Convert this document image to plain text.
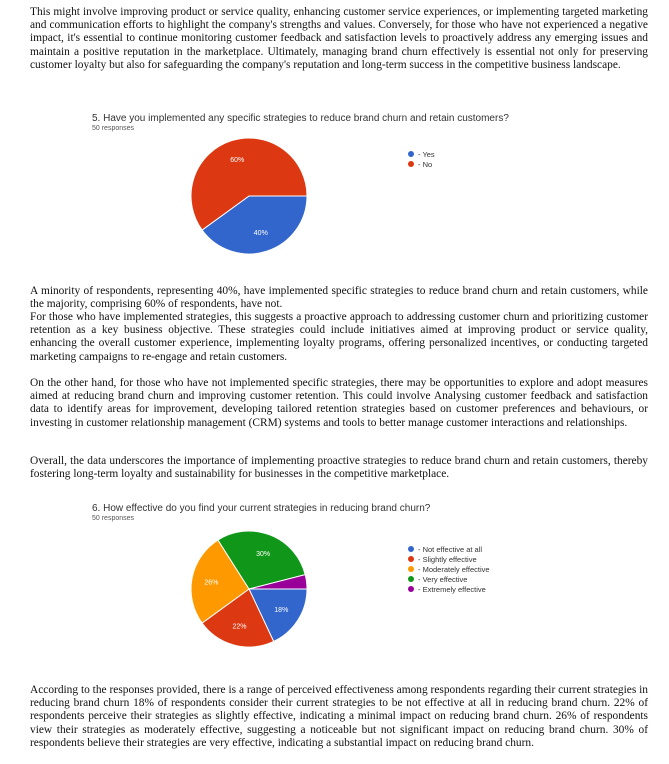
This might involve improving product or service quality, enhancing customer service experiences, or implementing targeted marketing and communication efforts to highlight the company's strengths and values. Conversely, for those who have not experienced a negative impact, it's essential to continue monitoring customer feedback and satisfaction levels to proactively address any emerging issues and maintain a positive reputation in the marketplace. Ultimately, managing brand churn effectively is essential not only for preserving customer loyalty but also for safeguarding the company's reputation and long-term success in the competitive business landscape.

5. Have you implemented any specific strategies to reduce brand churn and retain customers?
50 responses
40%
60%
- Yes
- No

A minority of respondents, representing 40%, have implemented specific strategies to reduce brand churn and retain customers, while the majority, comprising 60% of respondents, have not.

For those who have implemented strategies, this suggests a proactive approach to addressing customer churn and prioritizing customer retention as a key business objective. These strategies could include initiatives aimed at improving product or service quality, enhancing the overall customer experience, implementing loyalty programs, offering personalized incentives, or conducting targeted marketing campaigns to re-engage and retain customers.

On the other hand, for those who have not implemented specific strategies, there may be opportunities to explore and adopt measures aimed at reducing brand churn and improving customer retention. This could involve Analysing customer feedback and satisfaction data to identify areas for improvement, developing tailored retention strategies based on customer preferences and behaviours, or investing in customer relationship management (CRM) systems and tools to better manage customer interactions and relationships.

Overall, the data underscores the importance of implementing proactive strategies to reduce brand churn and retain customers, thereby fostering long-term loyalty and sustainability for businesses in the competitive marketplace.

6. How effective do you find your current strategies in reducing brand churn?
50 responses
18%
22%
26%
30%
- Not effective at all
- Slightly effective
- Moderately effective
- Very effective
- Extremely effective

According to the responses provided, there is a range of perceived effectiveness among respondents regarding their current strategies in reducing brand churn 18% of respondents consider their current strategies to be not effective at all in reducing brand churn. 22% of respondents perceive their strategies as slightly effective, indicating a minimal impact on reducing brand churn. 26% of respondents view their strategies as moderately effective, suggesting a noticeable but not significant impact on reducing brand churn. 30% of respondents believe their strategies are very effective, indicating a substantial impact on reducing brand churn.
